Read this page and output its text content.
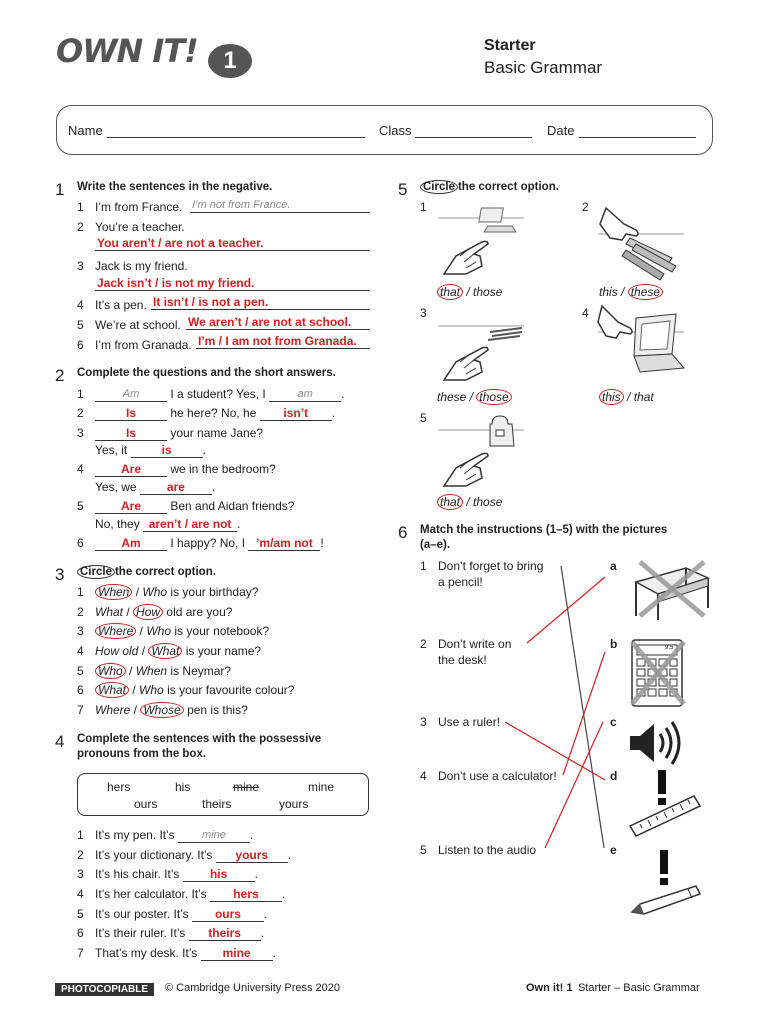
OWN IT!	1
Starter
Basic Grammar
Name	Class	Date
1 Write the sentences in the negative.
1 I’m from France. I’m not from France.
2 You’re a teacher.
You aren’t / are not a teacher.
3 Jack is my friend.
Jack isn’t / is not my friend.
4 It’s a pen. It isn’t / is not a pen.
5 We’re at school. We aren’t / are not at school.
6 I’m from Granada. I’m / I am not from Granada.
2 Complete the questions and the short answers.
1	Am	I a student? Yes, I	am .
2	Is	he here? No, he isn’t .
3	Is	your name Jane?
Yes, it	is	.
4	Are we in the bedroom?
Yes, we	are .
5	Are Ben and Aidan friends?
No, they aren’t / are not .
6	Am I happy? No, I ’m/am not !
3 Circle the correct option.
1 When / Who is your birthday?
2 What / How old are you?
3 Where / Who is your notebook?
4 How old / What is your name?
5 Who / When is Neymar?
6 What / Who is your favourite colour?
7 Where / Whose pen is this?
4 Complete the sentences with the possessive
pronouns from the box.
hers	his	mine	mine
ours	theirs	yours
1 It’s my pen. It’s mine .
2 It’s your dictionary. It’s yours .
3 It’s his chair. It’s	his .
4 It’s her calculator. It’s hers .
5 It’s our poster. It’s ours .
6 It’s their ruler. It’s theirs .
7 That’s my desk. It’s mine .
5 Circle the correct option.
1
that / those
2
this / these
3
these / those
4
this / that
5
that / those
6 Match the instructions (1–5) with the pictures
(a–e).
1 Don’t forget to bring
a pencil!
2 Don’t write on
the desk!
3 Use a ruler!
4 Don’t use a calculator!
5 Listen to the audio
a
b
c
d
e
9.5
PHOTOCOPIABLE	© Cambridge University Press 2020	Own it! 1 Starter – Basic Grammar
